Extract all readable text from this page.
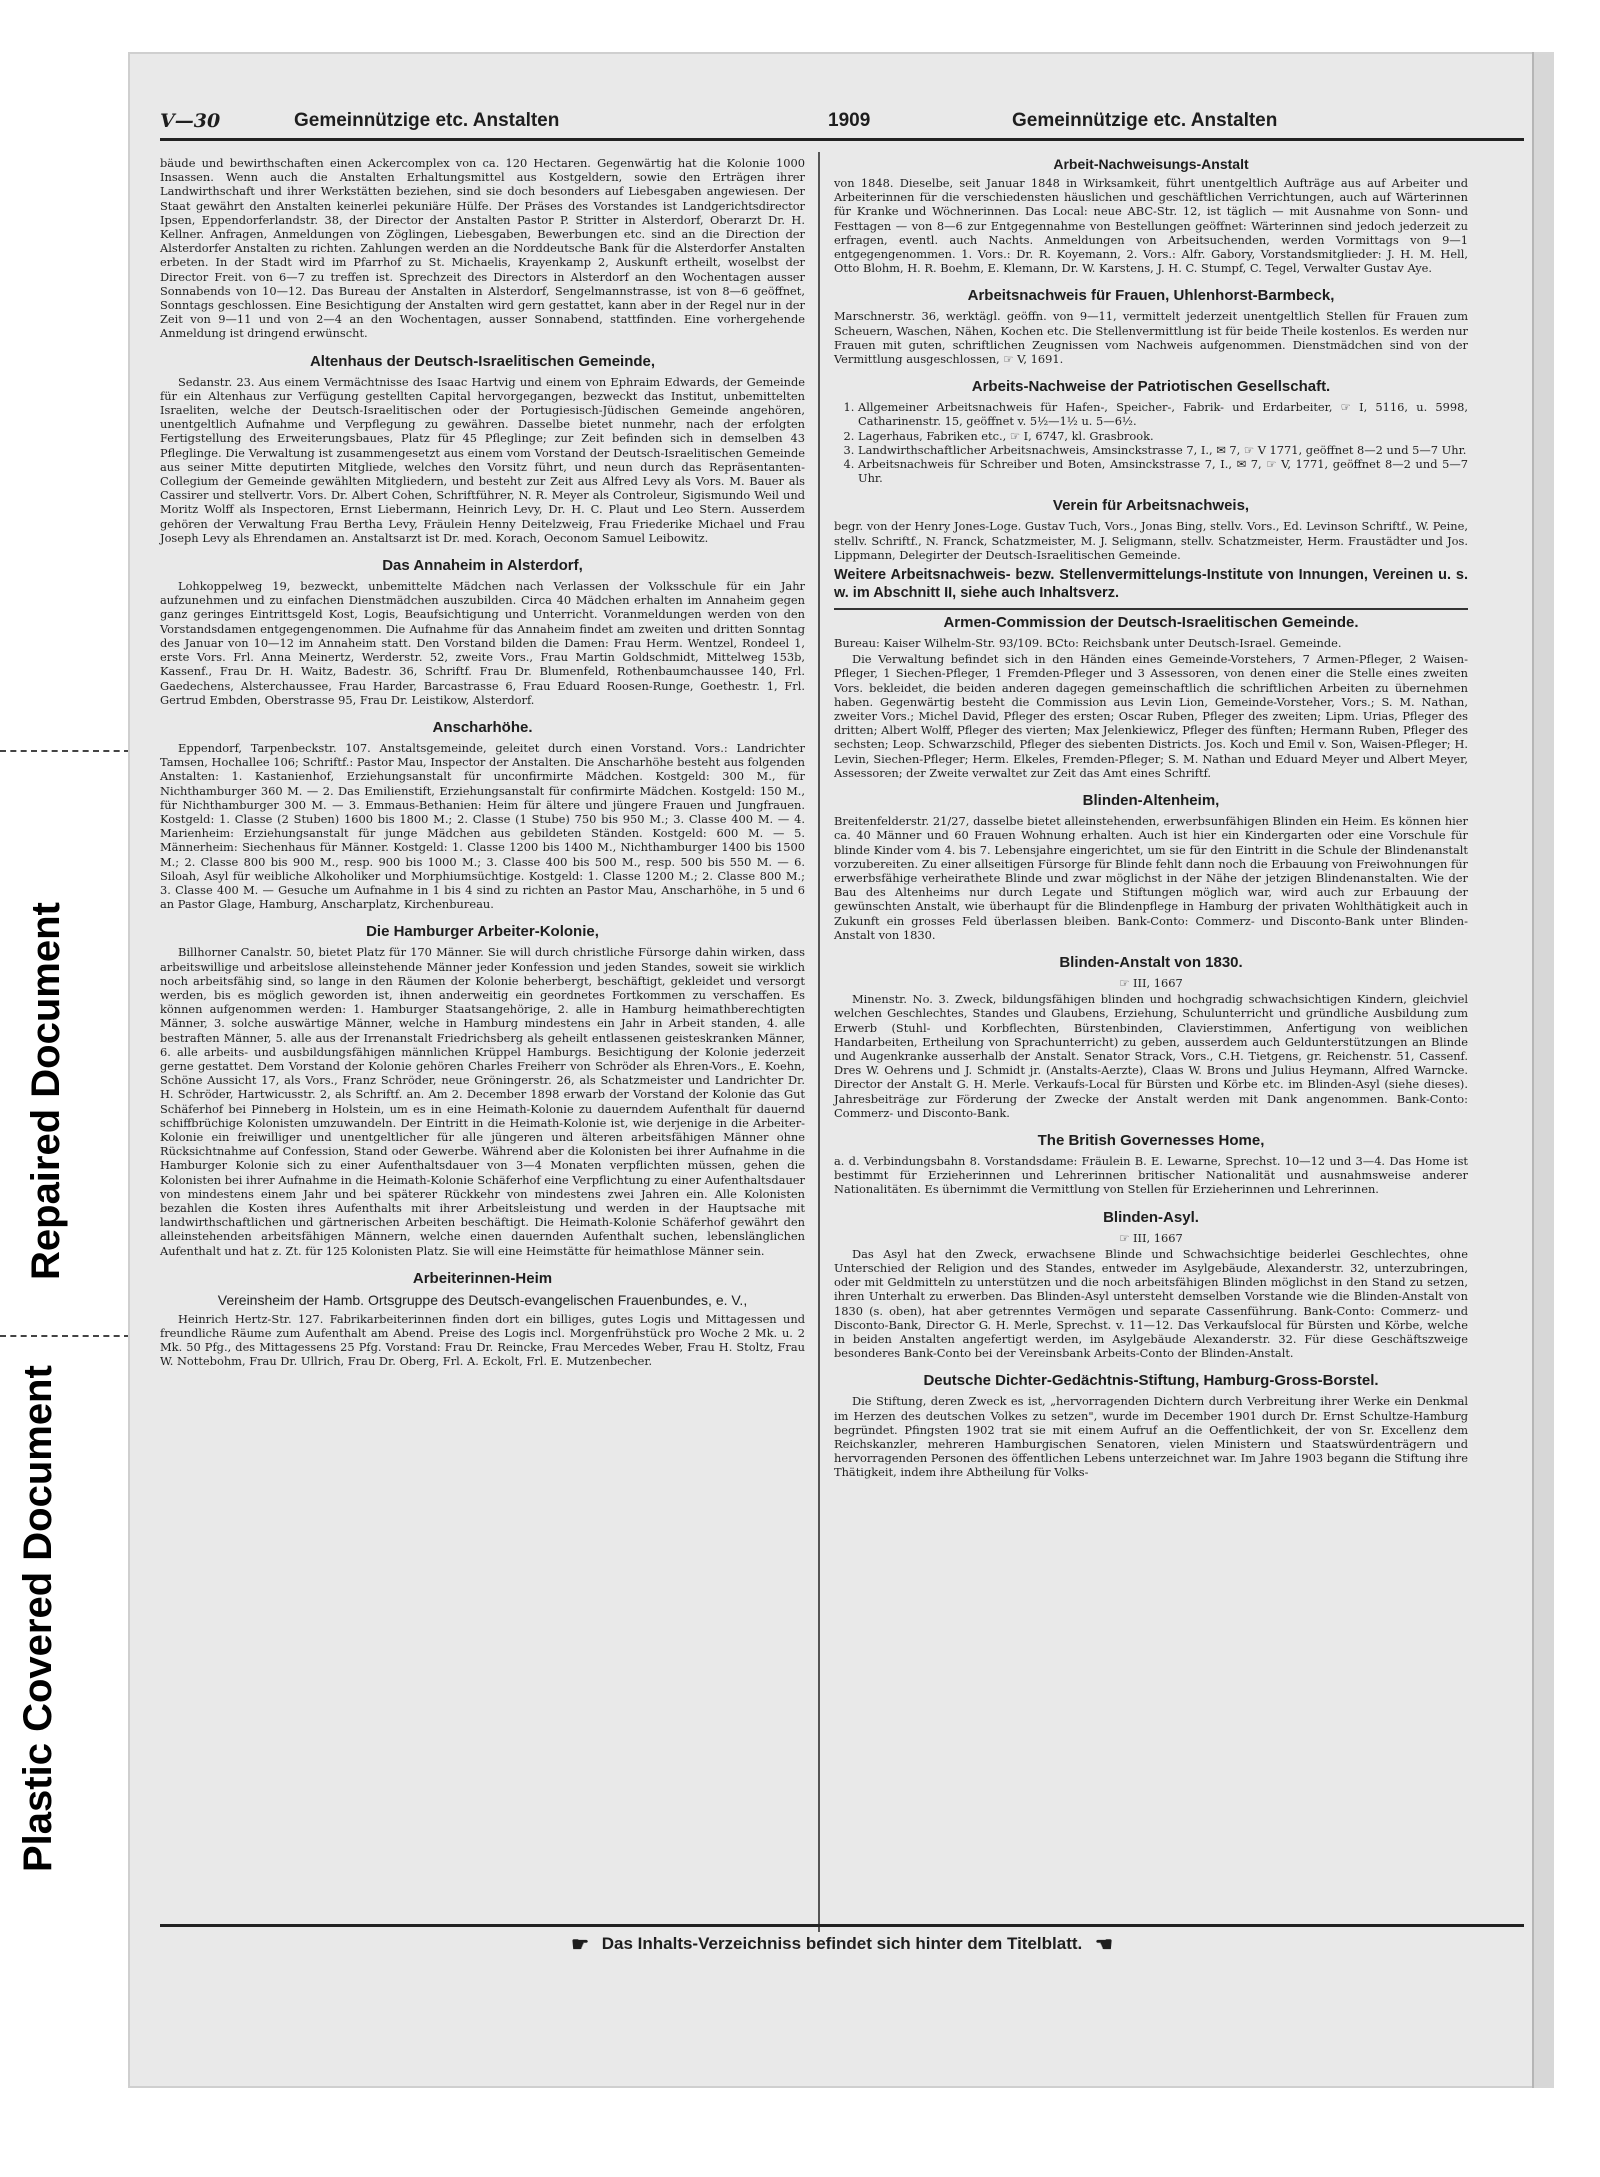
Plastic Covered Document
Repaired Document
V—30	Gemeinnützige etc. Anstalten	1909	Gemeinnützige etc. Anstalten

bäude und bewirthschaften einen Ackercomplex von ca. 120 Hectaren. Gegenwärtig hat die Kolonie 1000 Insassen. Wenn auch die Anstalten Erhaltungsmittel aus Kostgeldern, sowie den Erträgen ihrer Landwirthschaft und ihrer Werkstätten beziehen, sind sie doch besonders auf Liebesgaben angewiesen. Der Staat gewährt den Anstalten keinerlei pekuniäre Hülfe. Der Präses des Vorstandes ist Landgerichtsdirector Ipsen, Eppendorferlandstr. 38, der Director der Anstalten Pastor P. Stritter in Alsterdorf, Oberarzt Dr. H. Kellner. Anfragen, Anmeldungen von Zöglingen, Liebesgaben, Bewerbungen etc. sind an die Direction der Alsterdorfer Anstalten zu richten. Zahlungen werden an die Norddeutsche Bank für die Alsterdorfer Anstalten erbeten. In der Stadt wird im Pfarrhof zu St. Michaelis, Krayenkamp 2, Auskunft ertheilt, woselbst der Director Freit. von 6—7 zu treffen ist. Sprechzeit des Directors in Alsterdorf an den Wochentagen ausser Sonnabends von 10—12. Das Bureau der Anstalten in Alsterdorf, Sengelmannstrasse, ist von 8—6 geöffnet, Sonntags geschlossen. Eine Besichtigung der Anstalten wird gern gestattet, kann aber in der Regel nur in der Zeit von 9—11 und von 2—4 an den Wochentagen, ausser Sonnabend, stattfinden. Eine vorhergehende Anmeldung ist dringend erwünscht.

Altenhaus der Deutsch-Israelitischen Gemeinde,

Sedanstr. 23. Aus einem Vermächtnisse des Isaac Hartvig und einem von Ephraim Edwards, der Gemeinde für ein Altenhaus zur Verfügung gestellten Capital hervorgegangen, bezweckt das Institut, unbemittelten Israeliten, welche der Deutsch-Israelitischen oder der Portugiesisch-Jüdischen Gemeinde angehören, unentgeltlich Aufnahme und Verpflegung zu gewähren. Dasselbe bietet nunmehr, nach der erfolgten Fertigstellung des Erweiterungsbaues, Platz für 45 Pfleglinge; zur Zeit befinden sich in demselben 43 Pfleglinge. Die Verwaltung ist zusammengesetzt aus einem vom Vorstand der Deutsch-Israelitischen Gemeinde aus seiner Mitte deputirten Mitgliede, welches den Vorsitz führt, und neun durch das Repräsentanten-Collegium der Gemeinde gewählten Mitgliedern, und besteht zur Zeit aus Alfred Levy als Vors. M. Bauer als Cassirer und stellvertr. Vors. Dr. Albert Cohen, Schriftführer, N. R. Meyer als Controleur, Sigismundo Weil und Moritz Wolff als Inspectoren, Ernst Liebermann, Heinrich Levy, Dr. H. C. Plaut und Leo Stern. Ausserdem gehören der Verwaltung Frau Bertha Levy, Fräulein Henny Deitelzweig, Frau Friederike Michael und Frau Joseph Levy als Ehrendamen an. Anstaltsarzt ist Dr. med. Korach, Oeconom Samuel Leibowitz.

Das Annaheim in Alsterdorf,

Lohkoppelweg 19, bezweckt, unbemittelte Mädchen nach Verlassen der Volksschule für ein Jahr aufzunehmen und zu einfachen Dienstmädchen auszubilden. Circa 40 Mädchen erhalten im Annaheim gegen ganz geringes Eintrittsgeld Kost, Logis, Beaufsichtigung und Unterricht. Voranmeldungen werden von den Vorstandsdamen entgegengenommen. Die Aufnahme für das Annaheim findet am zweiten und dritten Sonntag des Januar von 10—12 im Annaheim statt. Den Vorstand bilden die Damen: Frau Herm. Wentzel, Rondeel 1, erste Vors. Frl. Anna Meinertz, Werderstr. 52, zweite Vors., Frau Martin Goldschmidt, Mittelweg 153b, Kassenf., Frau Dr. H. Waitz, Badestr. 36, Schriftf. Frau Dr. Blumenfeld, Rothenbaumchaussee 140, Frl. Gaedechens, Alsterchaussee, Frau Harder, Barcastrasse 6, Frau Eduard Roosen-Runge, Goethestr. 1, Frl. Gertrud Embden, Oberstrasse 95, Frau Dr. Leistikow, Alsterdorf.

Anscharhöhe.

Eppendorf, Tarpenbeckstr. 107. Anstaltsgemeinde, geleitet durch einen Vorstand. Vors.: Landrichter Tamsen, Hochallee 106; Schriftf.: Pastor Mau, Inspector der Anstalten. Die Anscharhöhe besteht aus folgenden Anstalten: 1. Kastanienhof, Erziehungsanstalt für unconfirmirte Mädchen. Kostgeld: 300 M., für Nichthamburger 360 M. — 2. Das Emilienstift, Erziehungsanstalt für confirmirte Mädchen. Kostgeld: 150 M., für Nichthamburger 300 M. — 3. Emmaus-Bethanien: Heim für ältere und jüngere Frauen und Jungfrauen. Kostgeld: 1. Classe (2 Stuben) 1600 bis 1800 M.; 2. Classe (1 Stube) 750 bis 950 M.; 3. Classe 400 M. — 4. Marienheim: Erziehungsanstalt für junge Mädchen aus gebildeten Ständen. Kostgeld: 600 M. — 5. Männerheim: Siechenhaus für Männer. Kostgeld: 1. Classe 1200 bis 1400 M., Nichthamburger 1400 bis 1500 M.; 2. Classe 800 bis 900 M., resp. 900 bis 1000 M.; 3. Classe 400 bis 500 M., resp. 500 bis 550 M. — 6. Siloah, Asyl für weibliche Alkoholiker und Morphiumsüchtige. Kostgeld: 1. Classe 1200 M.; 2. Classe 800 M.; 3. Classe 400 M. — Gesuche um Aufnahme in 1 bis 4 sind zu richten an Pastor Mau, Anscharhöhe, in 5 und 6 an Pastor Glage, Hamburg, Anscharplatz, Kirchenbureau.

Die Hamburger Arbeiter-Kolonie,

Billhorner Canalstr. 50, bietet Platz für 170 Männer. Sie will durch christliche Fürsorge dahin wirken, dass arbeitswillige und arbeitslose alleinstehende Männer jeder Konfession und jeden Standes, soweit sie wirklich noch arbeitsfähig sind, so lange in den Räumen der Kolonie beherbergt, beschäftigt, gekleidet und versorgt werden, bis es möglich geworden ist, ihnen anderweitig ein geordnetes Fortkommen zu verschaffen. Es können aufgenommen werden: 1. Hamburger Staatsangehörige, 2. alle in Hamburg heimathberechtigten Männer, 3. solche auswärtige Männer, welche in Hamburg mindestens ein Jahr in Arbeit standen, 4. alle bestraften Männer, 5. alle aus der Irrenanstalt Friedrichsberg als geheilt entlassenen geisteskranken Männer, 6. alle arbeits- und ausbildungsfähigen männlichen Krüppel Hamburgs. Besichtigung der Kolonie jederzeit gerne gestattet. Dem Vorstand der Kolonie gehören Charles Freiherr von Schröder als Ehren-Vors., E. Koehn, Schöne Aussicht 17, als Vors., Franz Schröder, neue Gröningerstr. 26, als Schatzmeister und Landrichter Dr. H. Schröder, Hartwicusstr. 2, als Schriftf. an. Am 2. December 1898 erwarb der Vorstand der Kolonie das Gut Schäferhof bei Pinneberg in Holstein, um es in eine Heimath-Kolonie zu dauerndem Aufenthalt für dauernd schiffbrüchige Kolonisten umzuwandeln. Der Eintritt in die Heimath-Kolonie ist, wie derjenige in die Arbeiter-Kolonie ein freiwilliger und unentgeltlicher für alle jüngeren und älteren arbeitsfähigen Männer ohne Rücksichtnahme auf Confession, Stand oder Gewerbe. Während aber die Kolonisten bei ihrer Aufnahme in die Hamburger Kolonie sich zu einer Aufenthaltsdauer von 3—4 Monaten verpflichten müssen, gehen die Kolonisten bei ihrer Aufnahme in die Heimath-Kolonie Schäferhof eine Verpflichtung zu einer Aufenthaltsdauer von mindestens einem Jahr und bei späterer Rückkehr von mindestens zwei Jahren ein. Alle Kolonisten bezahlen die Kosten ihres Aufenthalts mit ihrer Arbeitsleistung und werden in der Hauptsache mit landwirthschaftlichen und gärtnerischen Arbeiten beschäftigt. Die Heimath-Kolonie Schäferhof gewährt den alleinstehenden arbeitsfähigen Männern, welche einen dauernden Aufenthalt suchen, lebenslänglichen Aufenthalt und hat z. Zt. für 125 Kolonisten Platz. Sie will eine Heimstätte für heimathlose Männer sein.

Arbeiterinnen-Heim
Vereinsheim der Hamb. Ortsgruppe des Deutsch-evangelischen Frauenbundes, e. V.,

Heinrich Hertz-Str. 127. Fabrikarbeiterinnen finden dort ein billiges, gutes Logis und Mittagessen und freundliche Räume zum Aufenthalt am Abend. Preise des Logis incl. Morgenfrühstück pro Woche 2 Mk. u. 2 Mk. 50 Pfg., des Mittagessens 25 Pfg. Vorstand: Frau Dr. Reincke, Frau Mercedes Weber, Frau H. Stoltz, Frau W. Nottebohm, Frau Dr. Ullrich, Frau Dr. Oberg, Frl. A. Eckolt, Frl. E. Mutzenbecher.

Arbeit-Nachweisungs-Anstalt

von 1848. Dieselbe, seit Januar 1848 in Wirksamkeit, führt unentgeltlich Aufträge aus auf Arbeiter und Arbeiterinnen für die verschiedensten häuslichen und geschäftlichen Verrichtungen, auch auf Wärterinnen für Kranke und Wöchnerinnen. Das Local: neue ABC-Str. 12, ist täglich — mit Ausnahme von Sonn- und Festtagen — von 8—6 zur Entgegennahme von Bestellungen geöffnet: Wärterinnen sind jedoch jederzeit zu erfragen, eventl. auch Nachts. Anmeldungen von Arbeitsuchenden, werden Vormittags von 9—1 entgegengenommen. 1. Vors.: Dr. R. Koyemann, 2. Vors.: Alfr. Gabory, Vorstandsmitglieder: J. H. M. Hell, Otto Blohm, H. R. Boehm, E. Klemann, Dr. W. Karstens, J. H. C. Stumpf, C. Tegel, Verwalter Gustav Aye.

Arbeitsnachweis für Frauen, Uhlenhorst-Barmbeck,

Marschnerstr. 36, werktägl. geöffn. von 9—11, vermittelt jederzeit unentgeltlich Stellen für Frauen zum Scheuern, Waschen, Nähen, Kochen etc. Die Stellenvermittlung ist für beide Theile kostenlos. Es werden nur Frauen mit guten, schriftlichen Zeugnissen vom Nachweis aufgenommen. Dienstmädchen sind von der Vermittlung ausgeschlossen, ☞ V, 1691.

Arbeits-Nachweise der Patriotischen Gesellschaft.
1. Allgemeiner Arbeitsnachweis für Hafen-, Speicher-, Fabrik- und Erdarbeiter, ☞ I, 5116, u. 5998, Catharinenstr. 15, geöffnet v. 5½—1½ u. 5—6½.
2. Lagerhaus, Fabriken etc., ☞ I, 6747, kl. Grasbrook.
3. Landwirthschaftlicher Arbeitsnachweis, Amsinckstrasse 7, I., ✉ 7, ☞ V 1771, geöffnet 8—2 und 5—7 Uhr.
4. Arbeitsnachweis für Schreiber und Boten, Amsinckstrasse 7, I., ✉ 7, ☞ V, 1771, geöffnet 8—2 und 5—7 Uhr.
Verein für Arbeitsnachweis,

begr. von der Henry Jones-Loge. Gustav Tuch, Vors., Jonas Bing, stellv. Vors., Ed. Levinson Schriftf., W. Peine, stellv. Schriftf., N. Franck, Schatzmeister, M. J. Seligmann, stellv. Schatzmeister, Herm. Fraustädter und Jos. Lippmann, Delegirter der Deutsch-Israelitischen Gemeinde.

Weitere Arbeitsnachweis- bezw. Stellenvermittelungs-Institute von Innungen, Vereinen u. s. w. im Abschnitt II, siehe auch Inhaltsverz.

Armen-Commission der Deutsch-Israelitischen Gemeinde.

Bureau: Kaiser Wilhelm-Str. 93/109. BCto: Reichsbank unter Deutsch-Israel. Gemeinde.

Die Verwaltung befindet sich in den Händen eines Gemeinde-Vorstehers, 7 Armen-Pfleger, 2 Waisen-Pfleger, 1 Siechen-Pfleger, 1 Fremden-Pfleger und 3 Assessoren, von denen einer die Stelle eines zweiten Vors. bekleidet, die beiden anderen dagegen gemeinschaftlich die schriftlichen Arbeiten zu übernehmen haben. Gegenwärtig besteht die Commission aus Levin Lion, Gemeinde-Vorsteher, Vors.; S. M. Nathan, zweiter Vors.; Michel David, Pfleger des ersten; Oscar Ruben, Pfleger des zweiten; Lipm. Urias, Pfleger des dritten; Albert Wolff, Pfleger des vierten; Max Jelenkiewicz, Pfleger des fünften; Hermann Ruben, Pfleger des sechsten; Leop. Schwarzschild, Pfleger des siebenten Districts. Jos. Koch und Emil v. Son, Waisen-Pfleger; H. Levin, Siechen-Pfleger; Herm. Elkeles, Fremden-Pfleger; S. M. Nathan und Eduard Meyer und Albert Meyer, Assessoren; der Zweite verwaltet zur Zeit das Amt eines Schriftf.

Blinden-Altenheim,

Breitenfelderstr. 21/27, dasselbe bietet alleinstehenden, erwerbsunfähigen Blinden ein Heim. Es können hier ca. 40 Männer und 60 Frauen Wohnung erhalten. Auch ist hier ein Kindergarten oder eine Vorschule für blinde Kinder vom 4. bis 7. Lebensjahre eingerichtet, um sie für den Eintritt in die Schule der Blindenanstalt vorzubereiten. Zu einer allseitigen Fürsorge für Blinde fehlt dann noch die Erbauung von Freiwohnungen für erwerbsfähige verheirathete Blinde und zwar möglichst in der Nähe der jetzigen Blindenanstalten. Wie der Bau des Altenheims nur durch Legate und Stiftungen möglich war, wird auch zur Erbauung der gewünschten Anstalt, wie überhaupt für die Blindenpflege in Hamburg der privaten Wohlthätigkeit auch in Zukunft ein grosses Feld überlassen bleiben. Bank-Conto: Commerz- und Disconto-Bank unter Blinden-Anstalt von 1830.

Blinden-Anstalt von 1830.

☞ III, 1667

Minenstr. No. 3. Zweck, bildungsfähigen blinden und hochgradig schwachsichtigen Kindern, gleichviel welchen Geschlechtes, Standes und Glaubens, Erziehung, Schulunterricht und gründliche Ausbildung zum Erwerb (Stuhl- und Korbflechten, Bürstenbinden, Clavierstimmen, Anfertigung von weiblichen Handarbeiten, Ertheilung von Sprachunterricht) zu geben, ausserdem auch Geldunterstützungen an Blinde und Augenkranke ausserhalb der Anstalt. Senator Strack, Vors., C.H. Tietgens, gr. Reichenstr. 51, Cassenf. Dres W. Oehrens und J. Schmidt jr. (Anstalts-Aerzte), Claas W. Brons und Julius Heymann, Alfred Warncke. Director der Anstalt G. H. Merle. Verkaufs-Local für Bürsten und Körbe etc. im Blinden-Asyl (siehe dieses). Jahresbeiträge zur Förderung der Zwecke der Anstalt werden mit Dank angenommen. Bank-Conto: Commerz- und Disconto-Bank.

The British Governesses Home,

a. d. Verbindungsbahn 8. Vorstandsdame: Fräulein B. E. Lewarne, Sprechst. 10—12 und 3—4. Das Home ist bestimmt für Erzieherinnen und Lehrerinnen britischer Nationalität und ausnahmsweise anderer Nationalitäten. Es übernimmt die Vermittlung von Stellen für Erzieherinnen und Lehrerinnen.

Blinden-Asyl.

☞ III, 1667

Das Asyl hat den Zweck, erwachsene Blinde und Schwachsichtige beiderlei Geschlechtes, ohne Unterschied der Religion und des Standes, entweder im Asylgebäude, Alexanderstr. 32, unterzubringen, oder mit Geldmitteln zu unterstützen und die noch arbeitsfähigen Blinden möglichst in den Stand zu setzen, ihren Unterhalt zu erwerben. Das Blinden-Asyl untersteht demselben Vorstande wie die Blinden-Anstalt von 1830 (s. oben), hat aber getrenntes Vermögen und separate Cassenführung. Bank-Conto: Commerz- und Disconto-Bank, Director G. H. Merle, Sprechst. v. 11—12. Das Verkaufslocal für Bürsten und Körbe, welche in beiden Anstalten angefertigt werden, im Asylgebäude Alexanderstr. 32. Für diese Geschäftszweige besonderes Bank-Conto bei der Vereinsbank Arbeits-Conto der Blinden-Anstalt.

Deutsche Dichter-Gedächtnis-Stiftung, Hamburg-Gross-Borstel.

Die Stiftung, deren Zweck es ist, „hervorragenden Dichtern durch Verbreitung ihrer Werke ein Denkmal im Herzen des deutschen Volkes zu setzen", wurde im December 1901 durch Dr. Ernst Schultze-Hamburg begründet. Pfingsten 1902 trat sie mit einem Aufruf an die Oeffentlichkeit, der von Sr. Excellenz dem Reichskanzler, mehreren Hamburgischen Senatoren, vielen Ministern und Staatswürdenträgern und hervorragenden Personen des öffentlichen Lebens unterzeichnet war. Im Jahre 1903 begann die Stiftung ihre Thätigkeit, indem ihre Abtheilung für Volks-

☛ Das Inhalts-Verzeichniss befindet sich hinter dem Titelblatt. ☚
